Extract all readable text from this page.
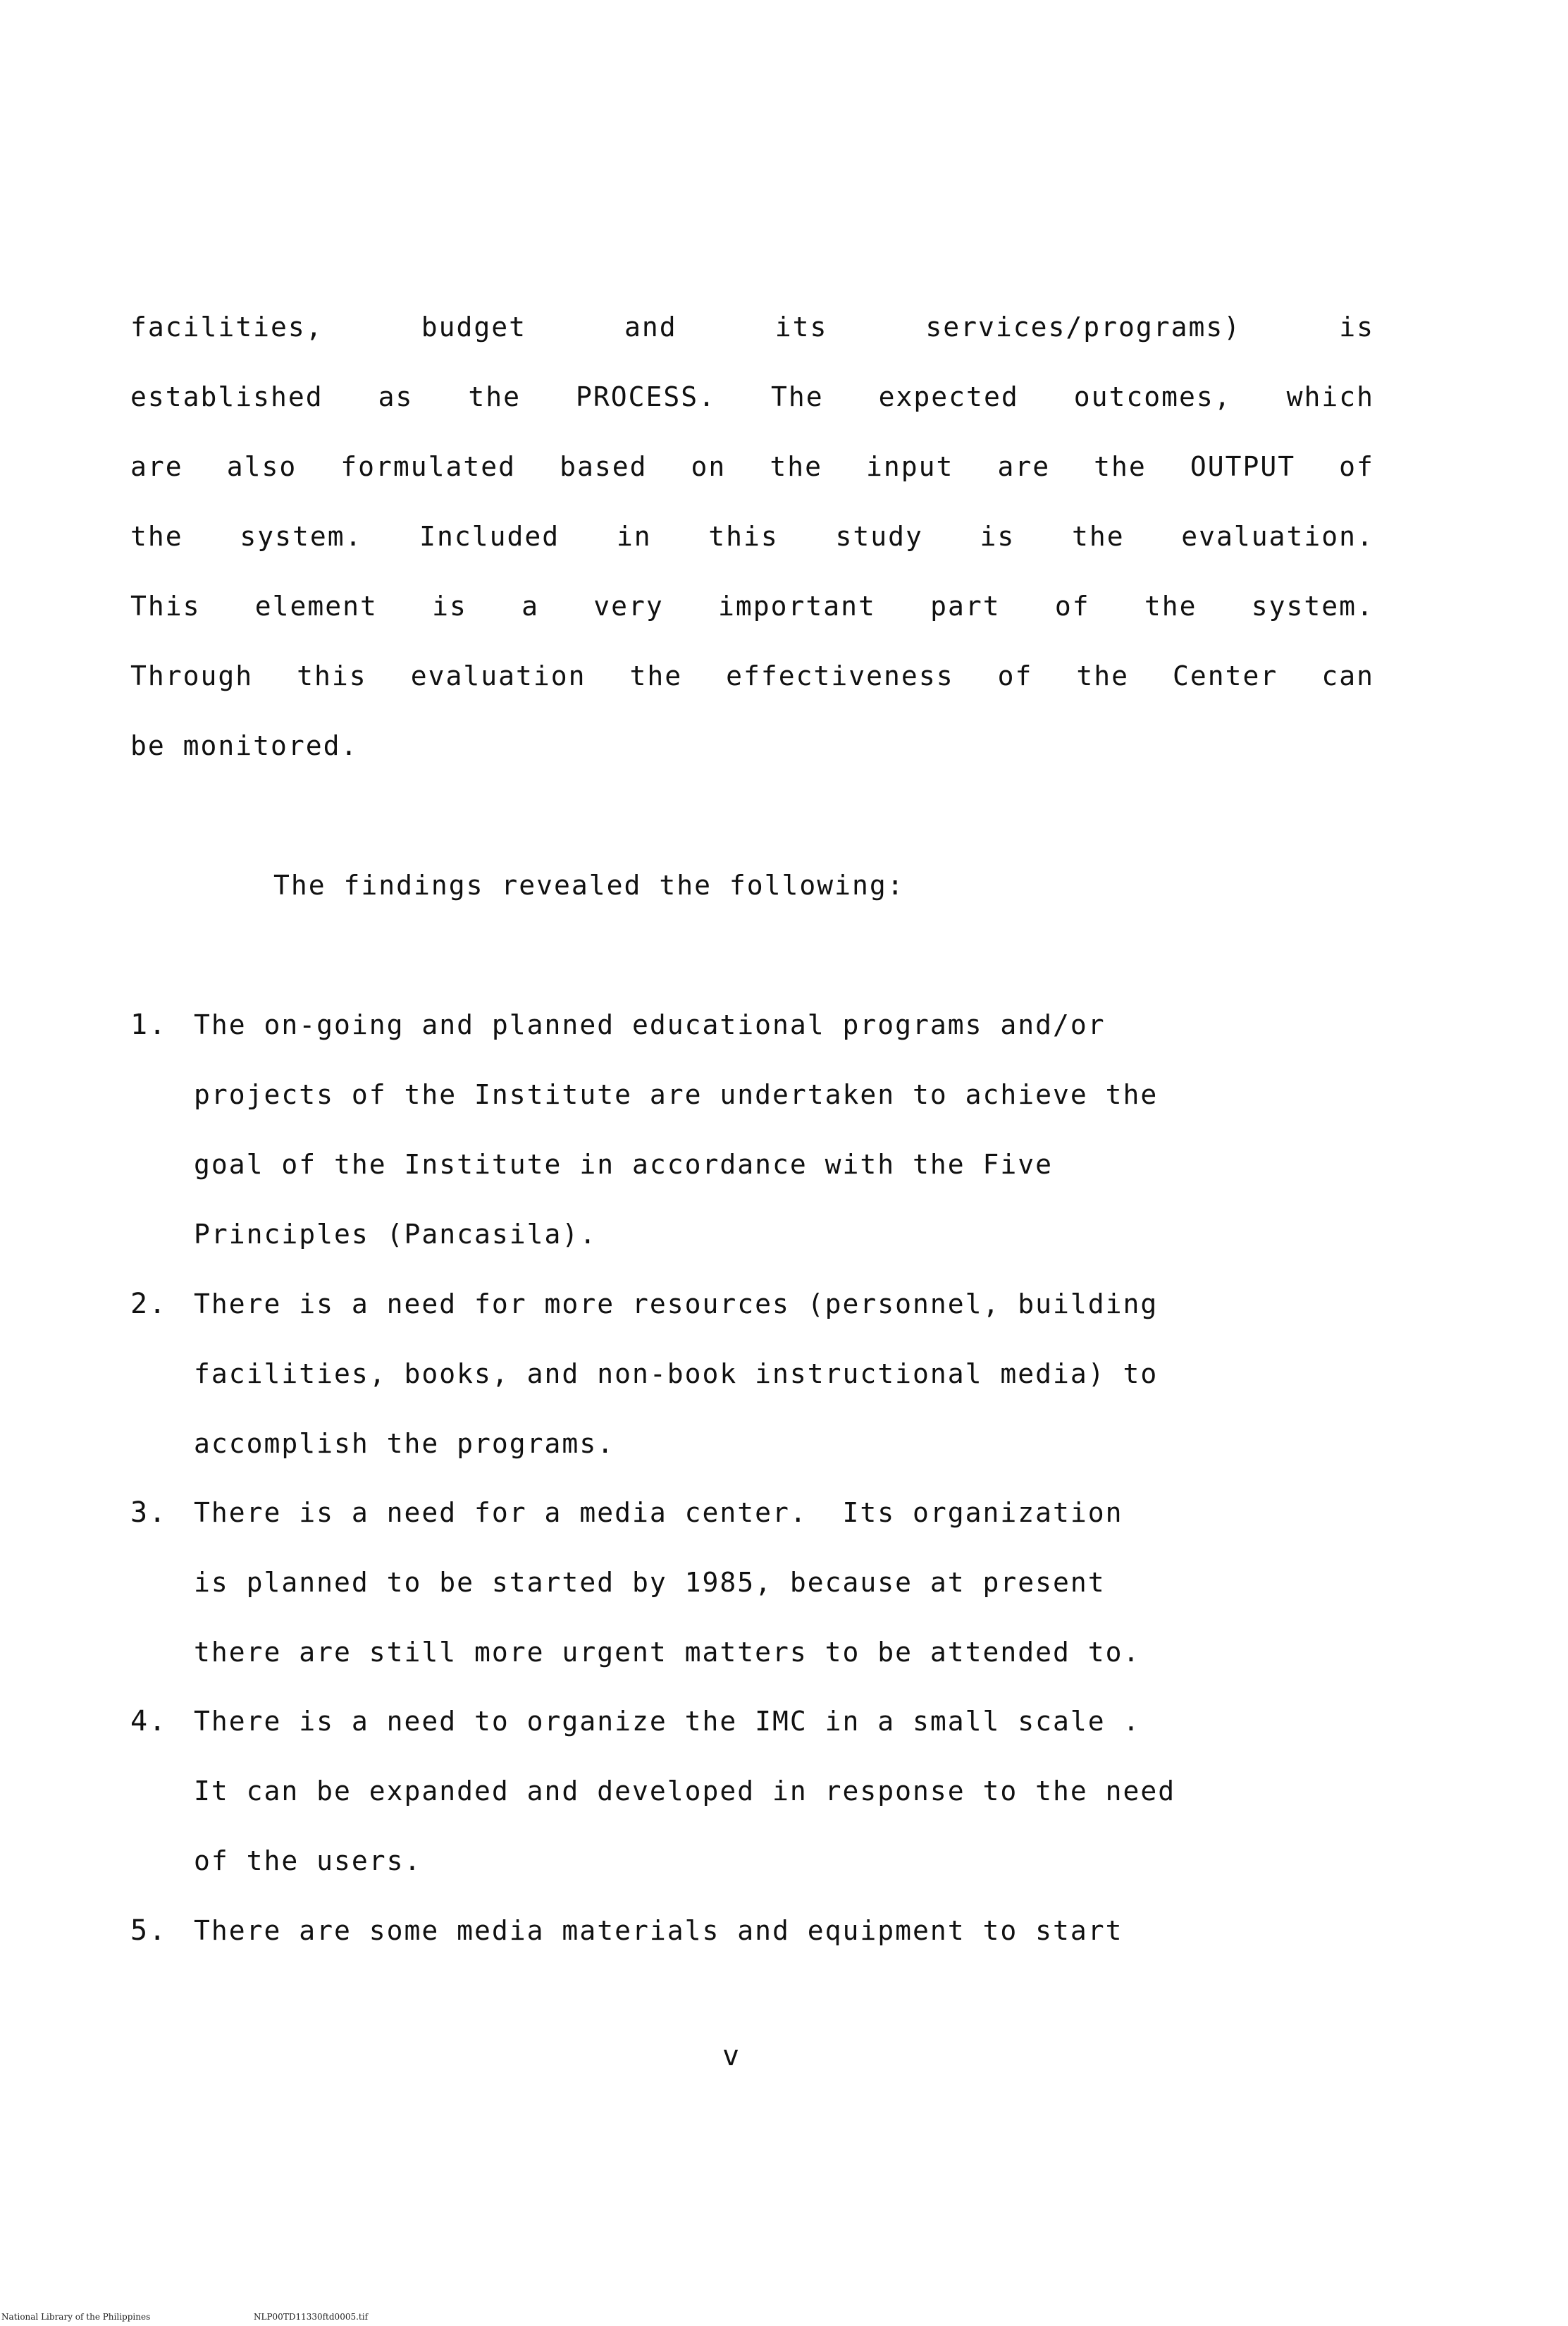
facilities,	budget	and	its	services/programs)	is
established as the PROCESS. The expected outcomes, which
are also formulated based on the input are the OUTPUT of
the system. Included in this study is the evaluation.
This element is a very important part of the system.
Through this evaluation the effectiveness of the Center can
be monitored.
The findings revealed the following:
1. The on-going and planned educational programs and/or
projects of the Institute are undertaken to achieve the
goal of the Institute in accordance with the Five
Principles (Pancasila).
2. There is a need for more resources (personnel, building
facilities, books, and non-book instructional media) to
accomplish the programs.
3. There is a need for a media center.  Its organization
is planned to be started by 1985, because at present
there are still more urgent matters to be attended to.
4. There is a need to organize the IMC in a small scale .
It can be expanded and developed in response to the need
of the users.
5. There are some media materials and equipment to start
v
National Library of the Philippines	NLP00TD11330ftd0005.tif
